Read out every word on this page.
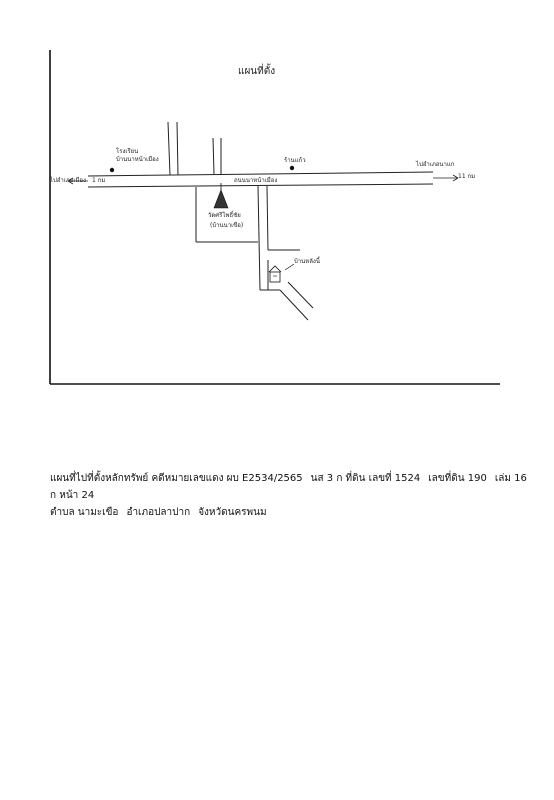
แผนที่ตั้ง
ไปอำเภอเมือง 1 กม
ไปอำเภอนาแก
11 กม
โรงเรียน
บ้านนาหน้าเมือง	ร้านแก้ว
ถนนนาหน้าเมือง
วัดศรีโพธิ์ชัย
(บ้านนาเขือ)
บ้านหลังนี้
แผนที่ไปที่ตั้งหลักทรัพย์ คดีหมายเลขแดง ผบ E2534/2565 นส 3 ก ที่ดิน เลขที่ 1524 เลขที่ดิน 190 เล่ม 16
ก หน้า 24
ตำบล นามะเขือ อำเภอปลาปาก จังหวัดนครพนม
